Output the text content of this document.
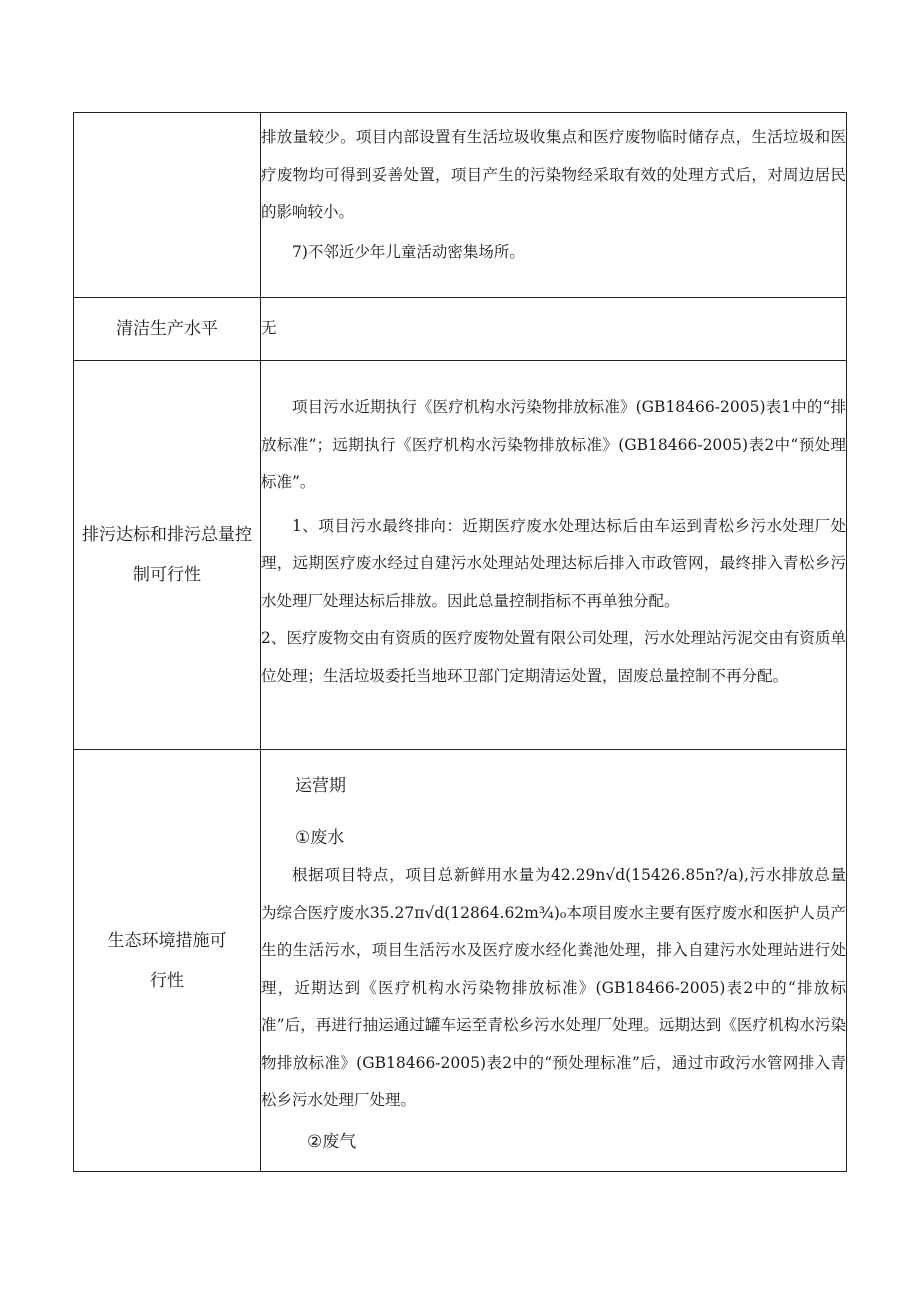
	排放量较少。项目内部设置有生活垃圾收集点和医疗废物临时储存点，生活垃圾和医疗废物均可得到妥善处置，项目产生的污染物经采取有效的处理方式后，对周边居民的影响较小。

7)不邻近少年儿童活动密集场所。

清洁生产水平	无

排污达标和排污总量控制可行性	项目污水近期执行《医疗机构水污染物排放标准》(GB18466-2005)表1中的“排放标准”；远期执行《医疗机构水污染物排放标准》(GB18466-2005)表2中“预处理标准”。

1、项目污水最终排向：近期医疗废水处理达标后由车运到青松乡污水处理厂处理，远期医疗废水经过自建污水处理站处理达标后排入市政管网，最终排入青松乡污水处理厂处理达标后排放。因此总量控制指标不再单独分配。

2、医疗废物交由有资质的医疗废物处置有限公司处理，污水处理站污泥交由有资质单位处理；生活垃圾委托当地环卫部门定期清运处置，固废总量控制不再分配。

生态环境措施可行性	运营期

①废水

根据项目特点，项目总新鲜用水量为42.29n√d(15426.85n?/a),污水排放总量为综合医疗废水35.27π√d(12864.62m¾)₀本项目废水主要有医疗废水和医护人员产生的生活污水，项目生活污水及医疗废水经化粪池处理，排入自建污水处理站进行处理，近期达到《医疗机构水污染物排放标准》(GB18466-2005)表2中的“排放标准”后，再进行抽运通过罐车运至青松乡污水处理厂处理。远期达到《医疗机构水污染物排放标准》(GB18466-2005)表2中的“预处理标准”后，通过市政污水管网排入青松乡污水处理厂处理。

②废气
